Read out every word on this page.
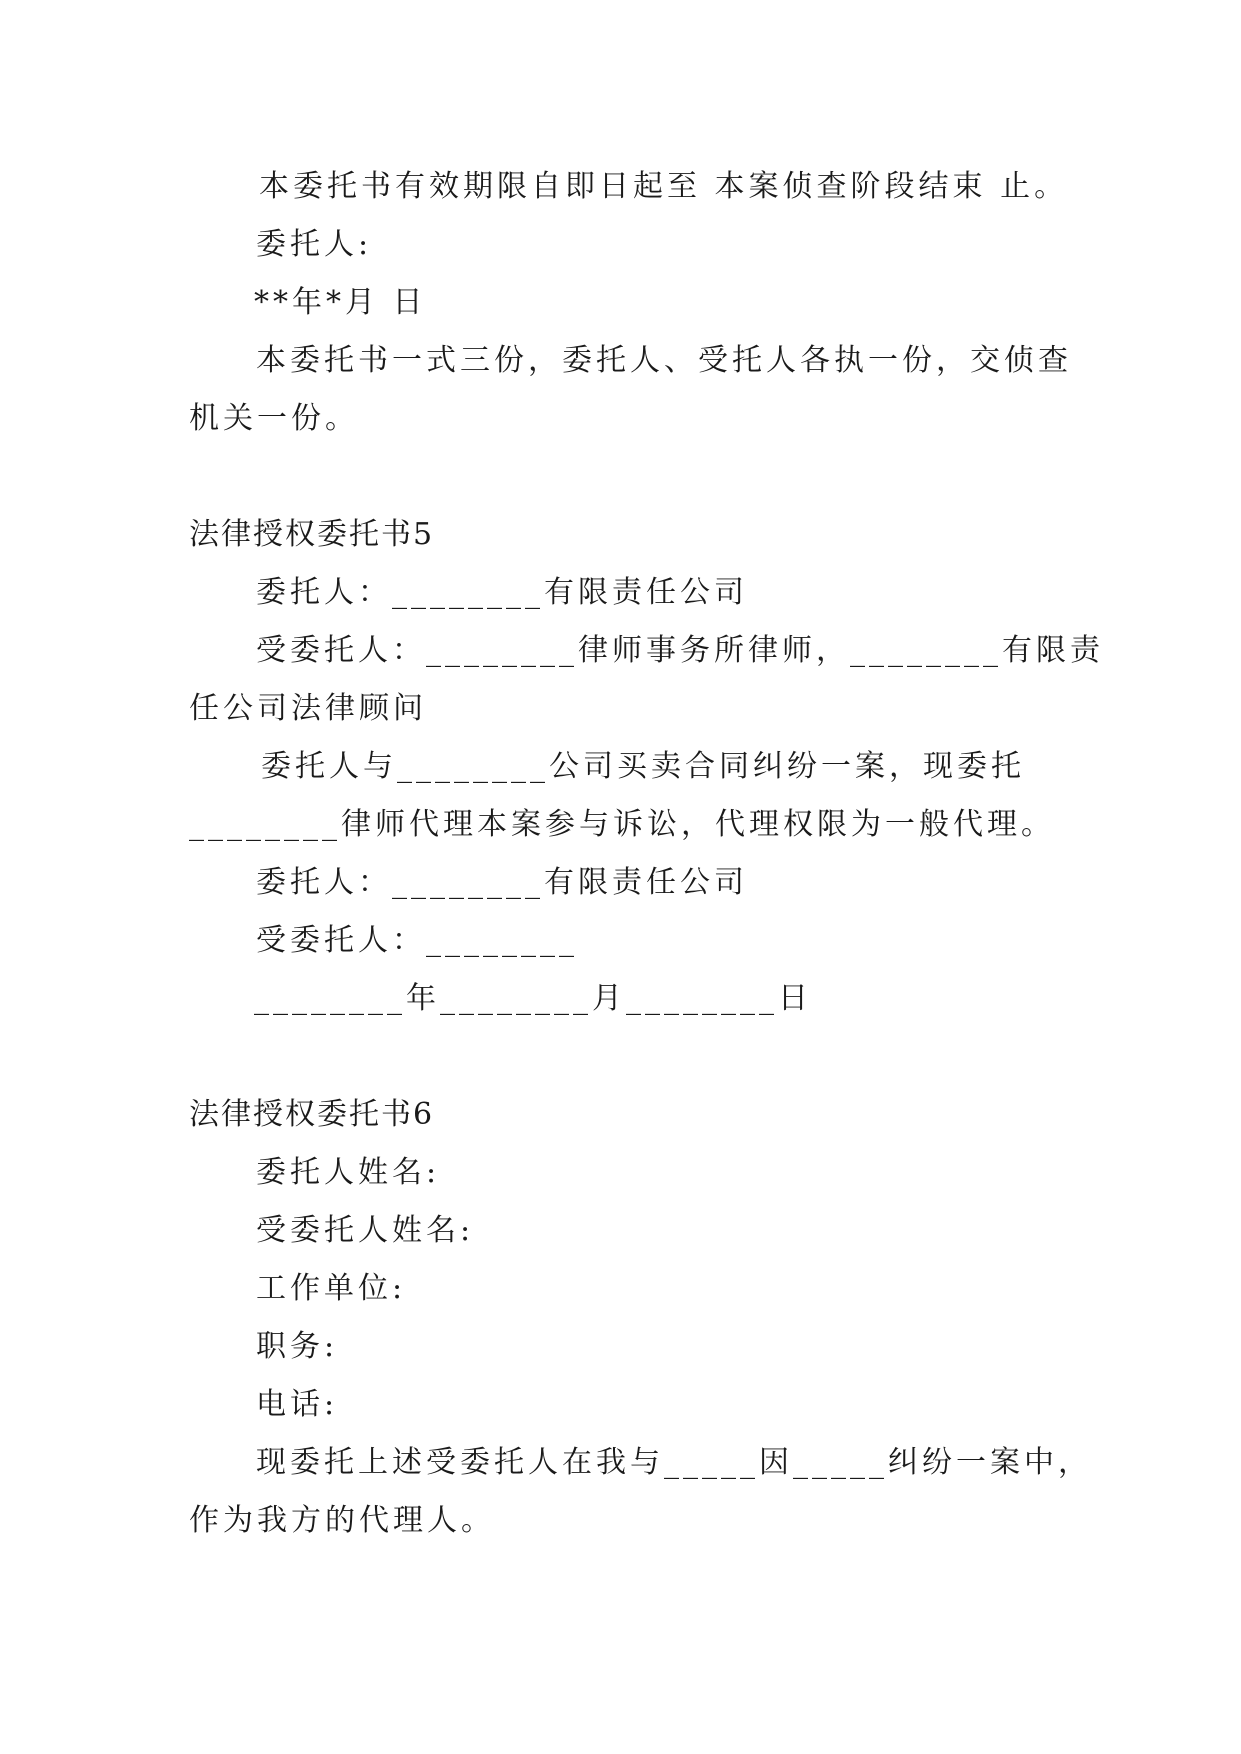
本委托书有效期限自即日起至 本案侦查阶段结束 止。
委托人:
**年*月 日
本委托书一式三份，委托人、受托人各执一份，交侦查
机关一份。
法律授权委托书5
委托人：________有限责任公司
受委托人：________律师事务所律师，________有限责
任公司法律顾问
委托人与________公司买卖合同纠纷一案，现委托
________律师代理本案参与诉讼，代理权限为一般代理。
委托人：________有限责任公司
受委托人：________
________年________月________日
法律授权委托书6
委托人姓名:
受委托人姓名:
工作单位:
职务:
电话:
现委托上述受委托人在我与_____因_____纠纷一案中，
作为我方的代理人。
